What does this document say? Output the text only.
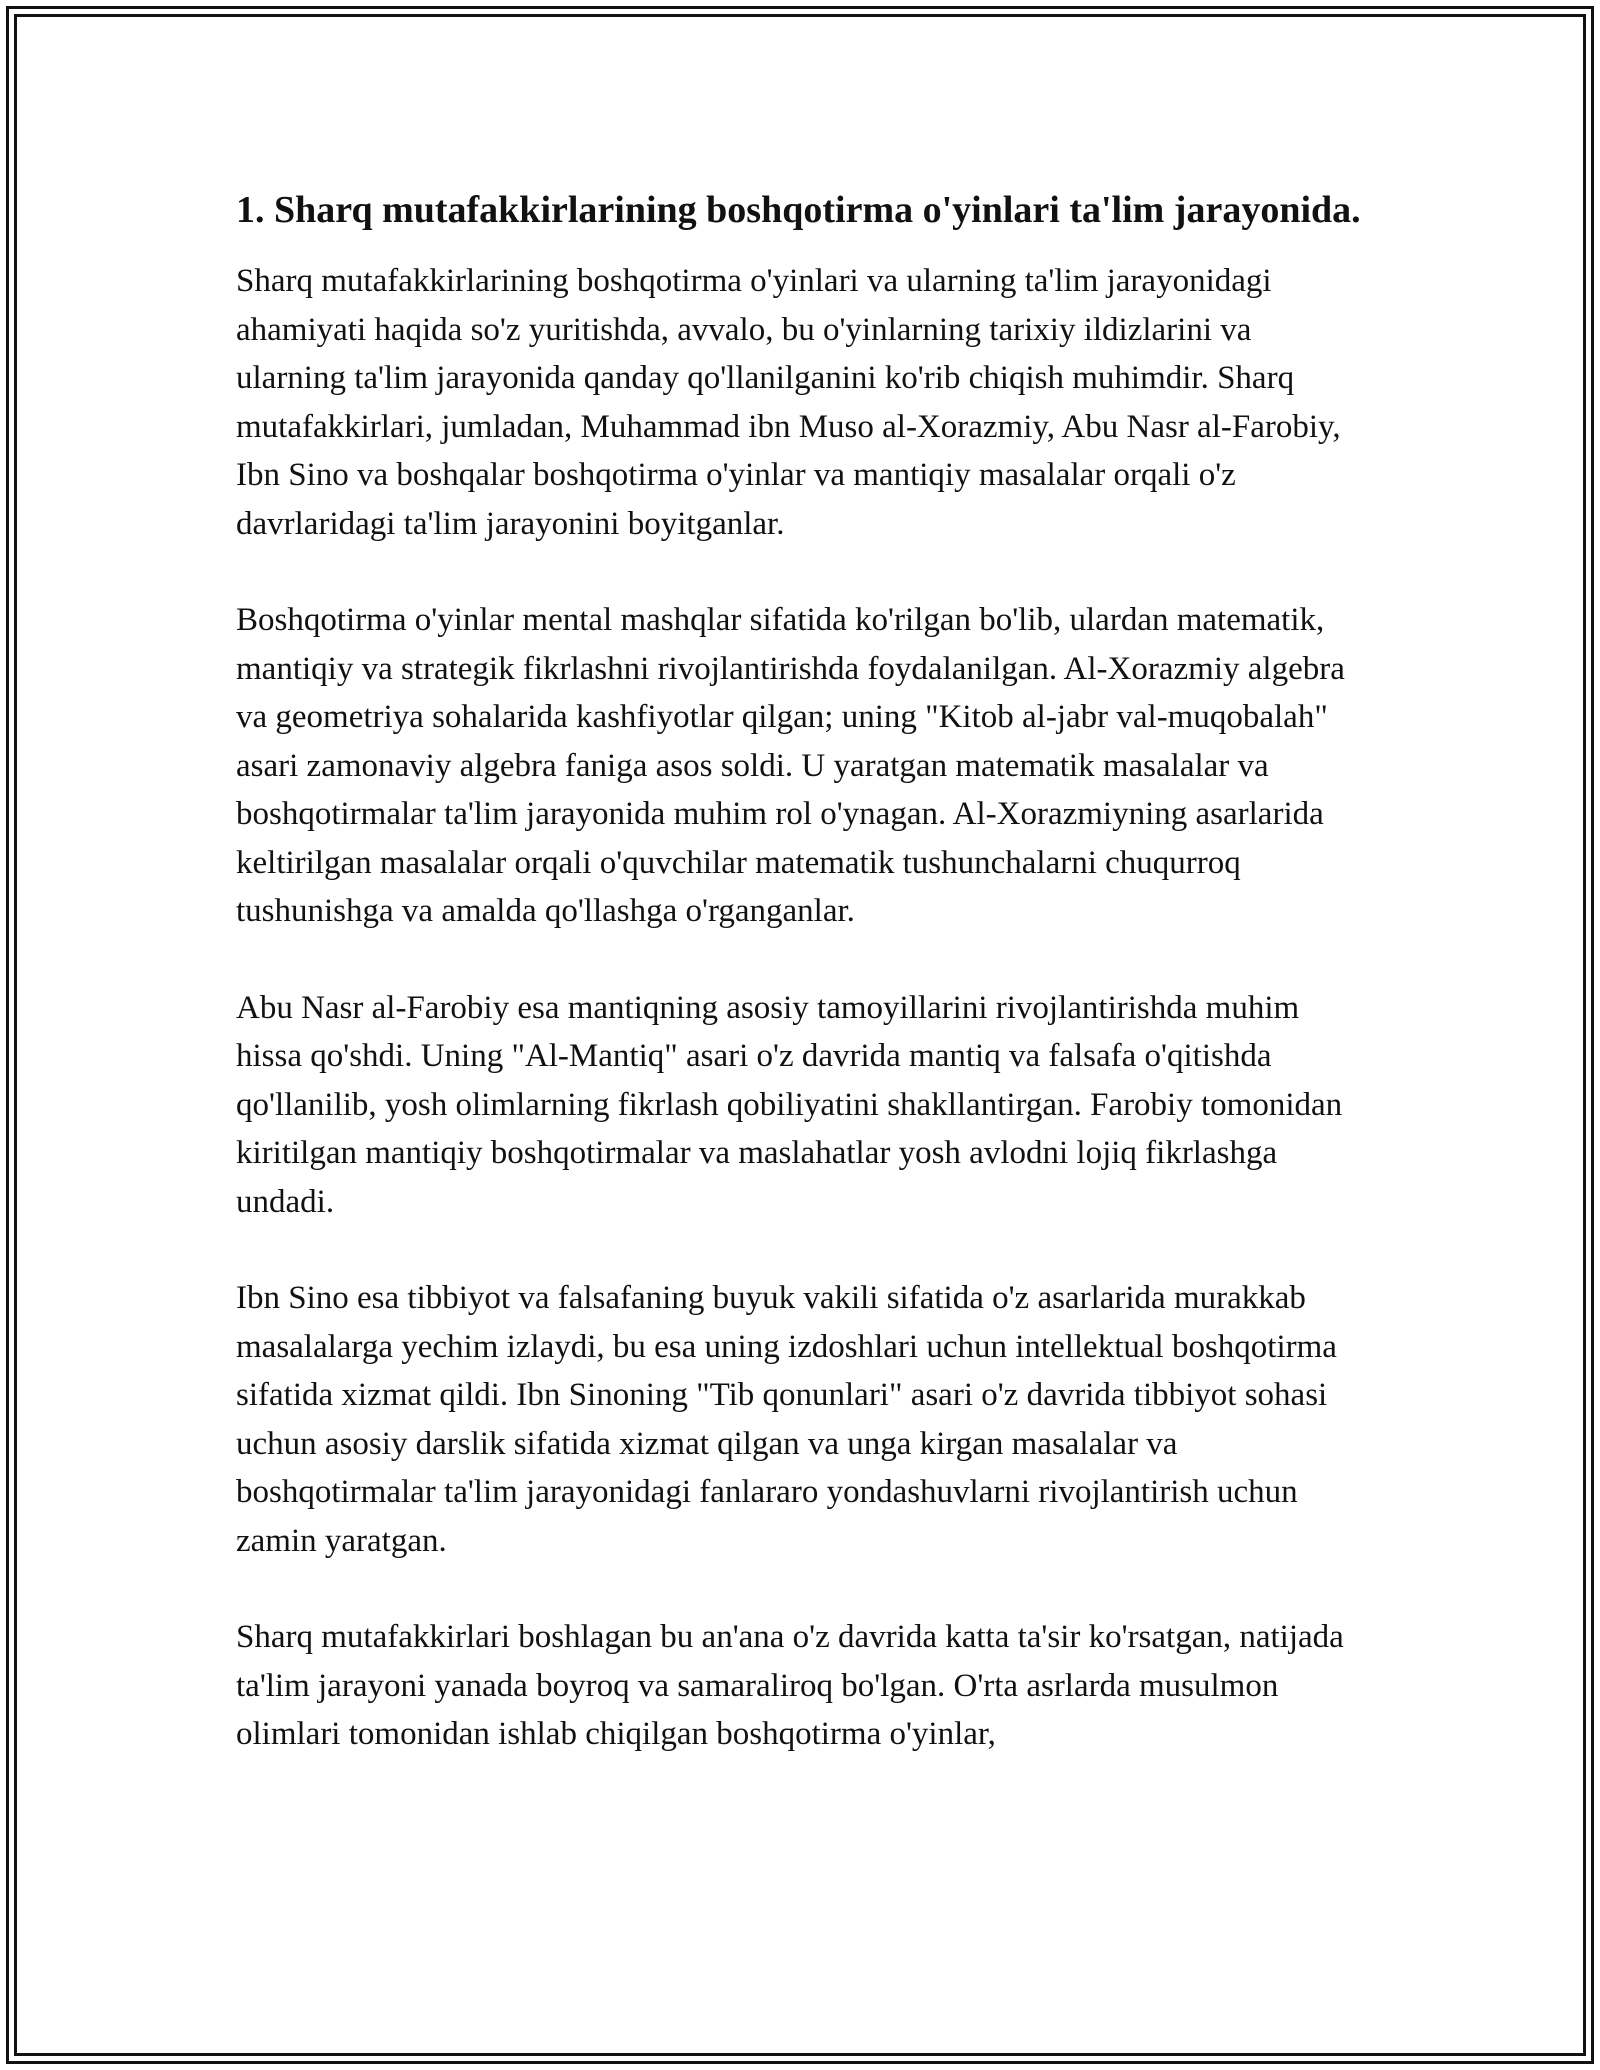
1. Sharq mutafakkirlarining boshqotirma o'yinlari ta'lim jarayonida.

Sharq mutafakkirlarining boshqotirma o'yinlari va ularning ta'lim jarayonidagi ahamiyati haqida so'z yuritishda, avvalo, bu o'yinlarning tarixiy ildizlarini va ularning ta'lim jarayonida qanday qo'llanilganini ko'rib chiqish muhimdir. Sharq mutafakkirlari, jumladan, Muhammad ibn Muso al-Xorazmiy, Abu Nasr al-Farobiy, Ibn Sino va boshqalar boshqotirma o'yinlar va mantiqiy masalalar orqali o'z davrlaridagi ta'lim jarayonini boyitganlar.

Boshqotirma o'yinlar mental mashqlar sifatida ko'rilgan bo'lib, ulardan matematik, mantiqiy va strategik fikrlashni rivojlantirishda foydalanilgan. Al-Xorazmiy algebra va geometriya sohalarida kashfiyotlar qilgan; uning "Kitob al-jabr val-muqobalah" asari zamonaviy algebra faniga asos soldi. U yaratgan matematik masalalar va boshqotirmalar ta'lim jarayonida muhim rol o'ynagan. Al-Xorazmiyning asarlarida keltirilgan masalalar orqali o'quvchilar matematik tushunchalarni chuqurroq tushunishga va amalda qo'llashga o'rganganlar.

Abu Nasr al-Farobiy esa mantiqning asosiy tamoyillarini rivojlantirishda muhim hissa qo'shdi. Uning "Al-Mantiq" asari o'z davrida mantiq va falsafa o'qitishda qo'llanilib, yosh olimlarning fikrlash qobiliyatini shakllantirgan. Farobiy tomonidan kiritilgan mantiqiy boshqotirmalar va maslahatlar yosh avlodni lojiq fikrlashga undadi.

Ibn Sino esa tibbiyot va falsafaning buyuk vakili sifatida o'z asarlarida murakkab masalalarga yechim izlaydi, bu esa uning izdoshlari uchun intellektual boshqotirma sifatida xizmat qildi. Ibn Sinoning "Tib qonunlari" asari o'z davrida tibbiyot sohasi uchun asosiy darslik sifatida xizmat qilgan va unga kirgan masalalar va boshqotirmalar ta'lim jarayonidagi fanlararo yondashuvlarni rivojlantirish uchun zamin yaratgan.

Sharq mutafakkirlari boshlagan bu an'ana o'z davrida katta ta'sir ko'rsatgan, natijada ta'lim jarayoni yanada boyroq va samaraliroq bo'lgan. O'rta asrlarda musulmon olimlari tomonidan ishlab chiqilgan boshqotirma o'yinlar,
